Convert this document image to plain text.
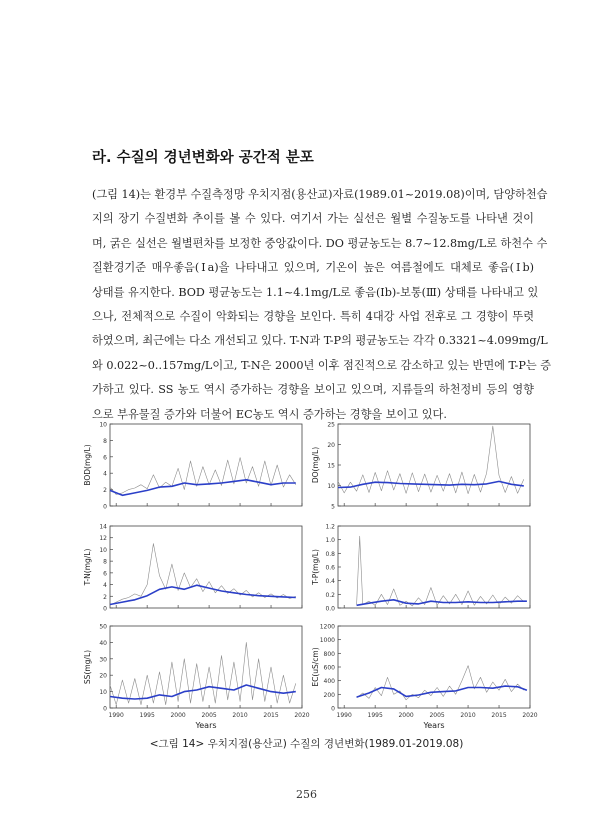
라. 수질의 경년변화와 공간적 분포
(그림 14)는 환경부 수질측정망 우치지점(용산교)자료(1989.01~2019.08)이며, 담양하천습
지의 장기 수질변화 추이를 볼 수 있다. 여기서 가는 실선은 월별 수질농도를 나타낸 것이
며, 굵은 실선은 월별편차를 보정한 중앙값이다. DO 평균농도는 8.7~12.8mg/L로 하천수 수
질환경기준 매우좋음(Ⅰa)을 나타내고 있으며, 기온이 높은 여름철에도 대체로 좋음(Ⅰb)
상태를 유지한다. BOD 평균농도는 1.1~4.1mg/L로 좋음(Ⅰb)-보통(Ⅲ) 상태를 나타내고 있
으나, 전체적으로 수질이 악화되는 경향을 보인다. 특히 4대강 사업 전후로 그 경향이 뚜렷
하였으며, 최근에는 다소 개선되고 있다. T-N과 T-P의 평균농도는 각각 0.3321~4.099mg/L
와 0.022~0..157mg/L이고, T-N은 2000년 이후 점진적으로 감소하고 있는 반면에 T-P는 증
가하고 있다. SS 농도 역시 증가하는 경향을 보이고 있으며, 지류들의 하천정비 등의 영향
으로 부유물질 증가와 더불어 EC농도 역시 증가하는 경향을 보이고 있다.
0
2
4
6
8
10
BOD(mg/L)
5
10
15
20
25
DO(mg/L)
0
2
4
6
8
10
12
14
T-N(mg/L)
0.0
0.2
0.4
0.6
0.8
1.0
1.2
T-P(mg/L)
0
10
20
30
40
50
1990	1995	2000	2005	2010	2015	2020
SS(mg/L)
Years
0
200
400
600
800
1000
1200
1990	1995	2000	2005	2010	2015	2020
EC(uS/cm)
Years
<그림 14> 우치지점(용산교) 수질의 경년변화(1989.01-2019.08)
256
